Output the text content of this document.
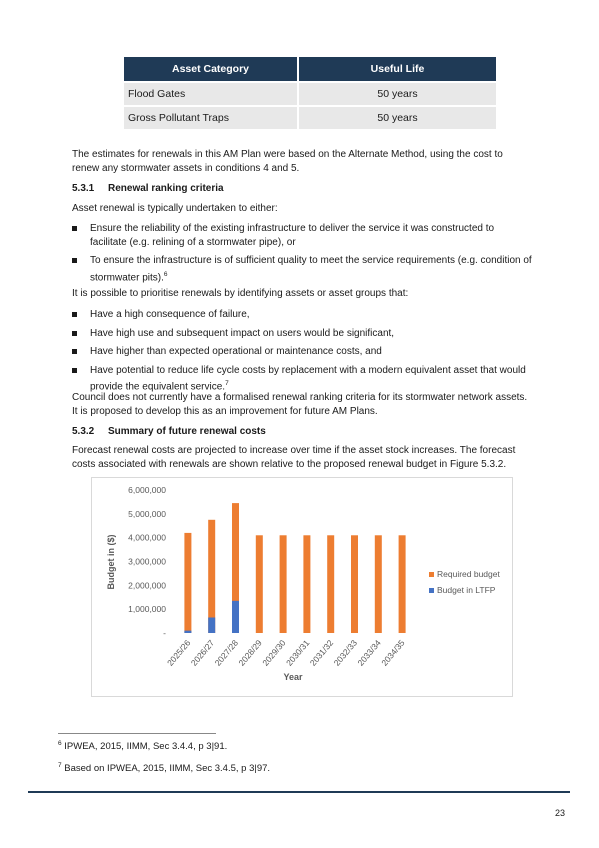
Asset Category	Useful Life
Flood Gates	50 years
Gross Pollutant Traps	50 years
The estimates for renewals in this AM Plan were based on the Alternate Method, using the cost to renew any stormwater assets in conditions 4 and 5.
5.3.1 Renewal ranking criteria
Asset renewal is typically undertaken to either:
Ensure the reliability of the existing infrastructure to deliver the service it was constructed to facilitate (e.g. relining of a stormwater pipe), or
To ensure the infrastructure is of sufficient quality to meet the service requirements (e.g. condition of stormwater pits).$^6$
It is possible to prioritise renewals by identifying assets or asset groups that:
Have a high consequence of failure,
Have high use and subsequent impact on users would be significant,
Have higher than expected operational or maintenance costs, and
Have potential to reduce life cycle costs by replacement with a modern equivalent asset that would provide the equivalent service.$^7$
Council does not currently have a formalised renewal ranking criteria for its stormwater network assets. It is proposed to develop this as an improvement for future AM Plans.
5.3.2 Summary of future renewal costs
Forecast renewal costs are projected to increase over time if the asset stock increases. The forecast costs associated with renewals are shown relative to the proposed renewal budget in Figure 5.3.2.
-
1,000,000
2,000,000
3,000,000
4,000,000
5,000,000
6,000,000
2025/26
2026/27
2027/28
2028/29
2029/30
2030/31
2031/32
2032/33
2033/34
2034/35
Year
Budget in ($)	Required budget
Budget in LTFP
$^6$ IPWEA, 2015, IIMM, Sec 3.4.4, p 3|91.
$^7$ Based on IPWEA, 2015, IIMM, Sec 3.4.5, p 3|97.
23
